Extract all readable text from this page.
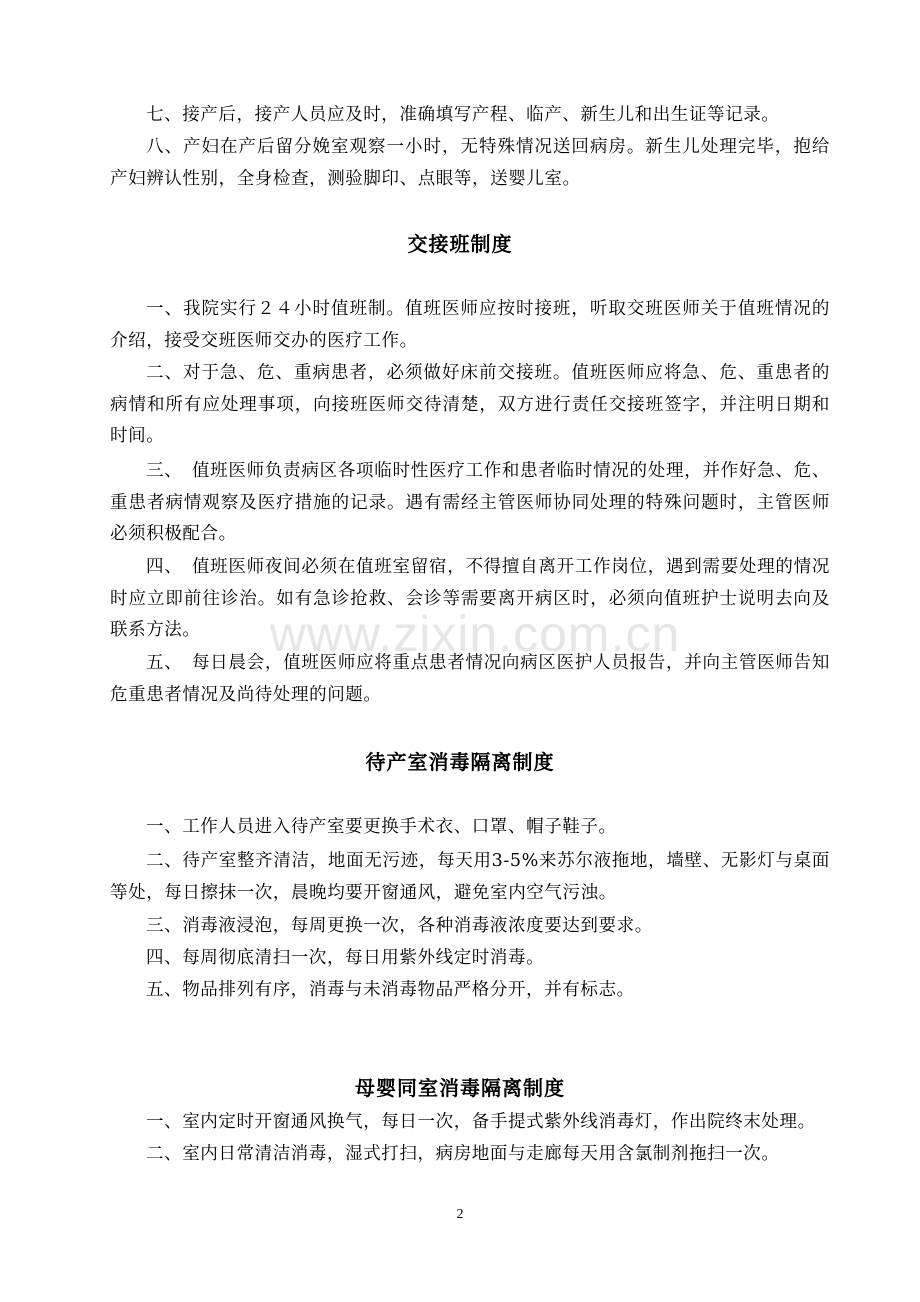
七、接产后，接产人员应及时，准确填写产程、临产、新生儿和出生证等记录。
八、产妇在产后留分娩室观察一小时，无特殊情况送回病房。新生儿处理完毕，抱给产妇辨认性别，全身检查，测验脚印、点眼等，送婴儿室。
交接班制度
一、我院实行２４小时值班制。值班医师应按时接班，听取交班医师关于值班情况的介绍，接受交班医师交办的医疗工作。
二、对于急、危、重病患者，必须做好床前交接班。值班医师应将急、危、重患者的病情和所有应处理事项，向接班医师交待清楚，双方进行责任交接班签字，并注明日期和时间。
三、　值班医师负责病区各项临时性医疗工作和患者临时情况的处理，并作好急、危、重患者病情观察及医疗措施的记录。遇有需经主管医师协同处理的特殊问题时，主管医师必须积极配合。
四、　值班医师夜间必须在值班室留宿，不得擅自离开工作岗位，遇到需要处理的情况时应立即前往诊治。如有急诊抢救、会诊等需要离开病区时，必须向值班护士说明去向及联系方法。
五、　每日晨会，值班医师应将重点患者情况向病区医护人员报告，并向主管医师告知危重患者情况及尚待处理的问题。
待产室消毒隔离制度
一、工作人员进入待产室要更换手术衣、口罩、帽子鞋子。
二、待产室整齐清洁，地面无污迹，每天用3-5%来苏尔液拖地，墙壁、无影灯与桌面等处，每日擦抹一次，晨晚均要开窗通风，避免室内空气污浊。
三、消毒液浸泡，每周更换一次，各种消毒液浓度要达到要求。
四、每周彻底清扫一次，每日用紫外线定时消毒。
五、物品排列有序，消毒与未消毒物品严格分开，并有标志。
母婴同室消毒隔离制度
一、室内定时开窗通风换气，每日一次，备手提式紫外线消毒灯，作出院终末处理。
二、室内日常清洁消毒，湿式打扫，病房地面与走廊每天用含氯制剂拖扫一次。
www.zixin.com.cn
2
